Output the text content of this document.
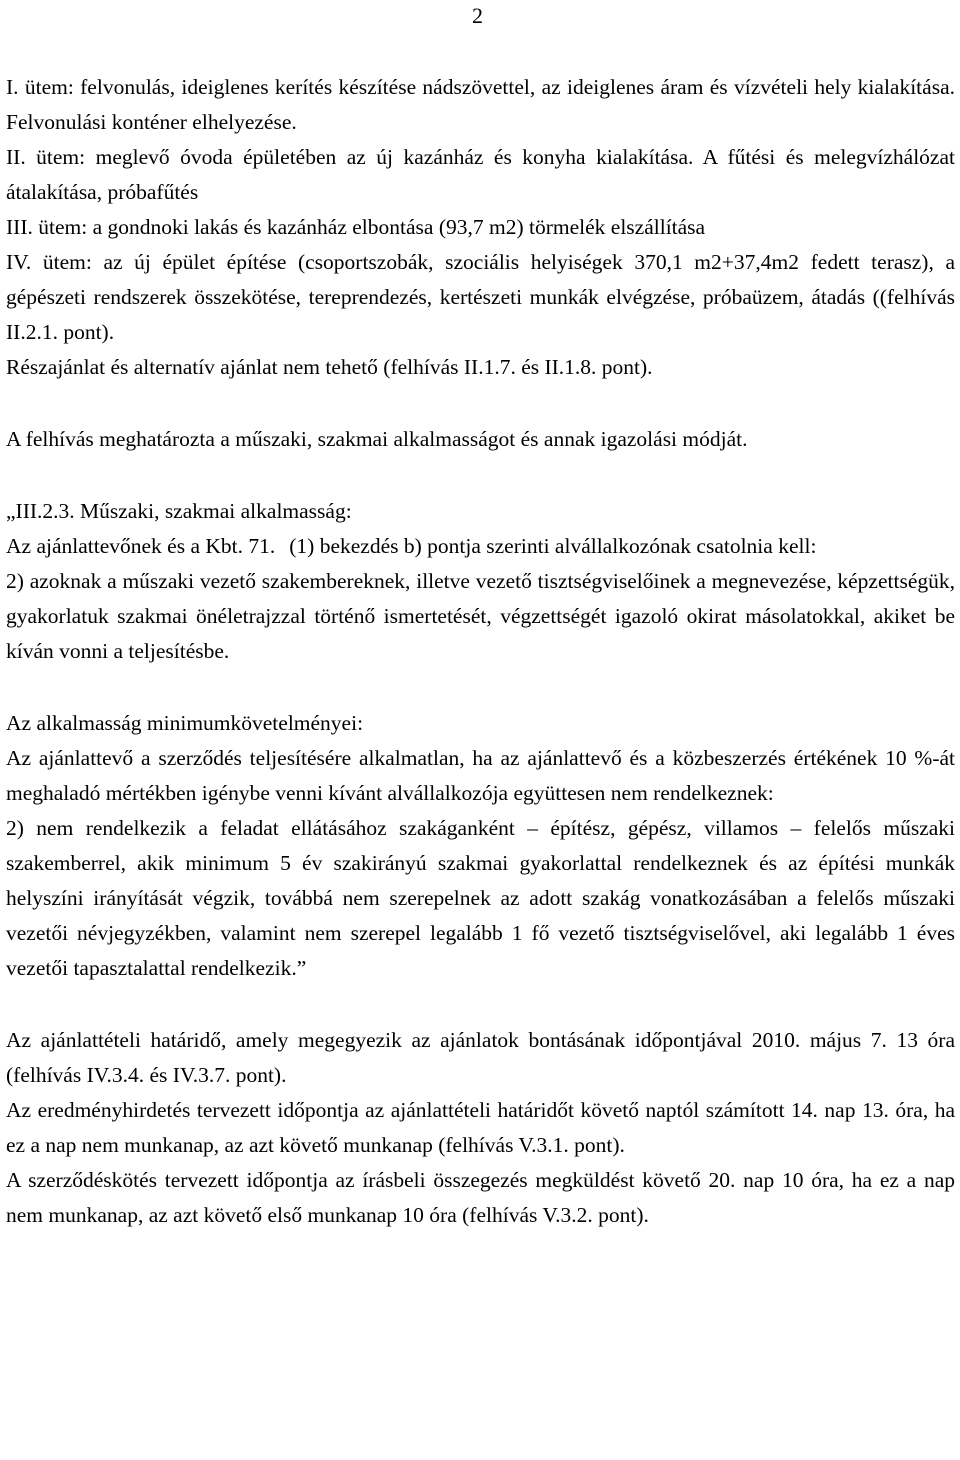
2

I. ütem: felvonulás, ideiglenes kerítés készítése nádszövettel, az ideiglenes áram és vízvételi hely kialakítása. Felvonulási konténer elhelyezése.

II. ütem: meglevő óvoda épületében az új kazánház és konyha kialakítása. A fűtési és melegvízhálózat átalakítása, próbafűtés

III. ütem: a gondnoki lakás és kazánház elbontása (93,7 m2) törmelék elszállítása

IV. ütem: az új épület építése (csoportszobák, szociális helyiségek 370,1 m2+37,4m2 fedett terasz), a gépészeti rendszerek összekötése, tereprendezés, kertészeti munkák elvégzése, próbaüzem, átadás ((felhívás II.2.1. pont).

Részajánlat és alternatív ajánlat nem tehető (felhívás II.1.7. és II.1.8. pont).

A felhívás meghatározta a műszaki, szakmai alkalmasságot és annak igazolási módját.

„III.2.3. Műszaki, szakmai alkalmasság:

Az ajánlattevőnek és a Kbt. 71. (1) bekezdés b) pontja szerinti alvállalkozónak csatolnia kell:

2) azoknak a műszaki vezető szakembereknek, illetve vezető tisztségviselőinek a megnevezése, képzettségük, gyakorlatuk szakmai önéletrajzzal történő ismertetését, végzettségét igazoló okirat másolatokkal, akiket be kíván vonni a teljesítésbe.

Az alkalmasság minimumkövetelményei:

Az ajánlattevő a szerződés teljesítésére alkalmatlan, ha az ajánlattevő és a közbeszerzés értékének 10 %-át meghaladó mértékben igénybe venni kívánt alvállalkozója együttesen nem rendelkeznek:

2) nem rendelkezik a feladat ellátásához szakáganként – építész, gépész, villamos – felelős műszaki szakemberrel, akik minimum 5 év szakirányú szakmai gyakorlattal rendelkeznek és az építési munkák helyszíni irányítását végzik, továbbá nem szerepelnek az adott szakág vonatkozásában a felelős műszaki vezetői névjegyzékben, valamint nem szerepel legalább 1 fő vezető tisztségviselővel, aki legalább 1 éves vezetői tapasztalattal rendelkezik.”

Az ajánlattételi határidő, amely megegyezik az ajánlatok bontásának időpontjával 2010. május 7. 13 óra (felhívás IV.3.4. és IV.3.7. pont).

Az eredményhirdetés tervezett időpontja az ajánlattételi határidőt követő naptól számított 14. nap 13. óra, ha ez a nap nem munkanap, az azt követő munkanap (felhívás V.3.1. pont).

A szerződéskötés tervezett időpontja az írásbeli összegezés megküldést követő 20. nap 10 óra, ha ez a nap nem munkanap, az azt követő első munkanap 10 óra (felhívás V.3.2. pont).
